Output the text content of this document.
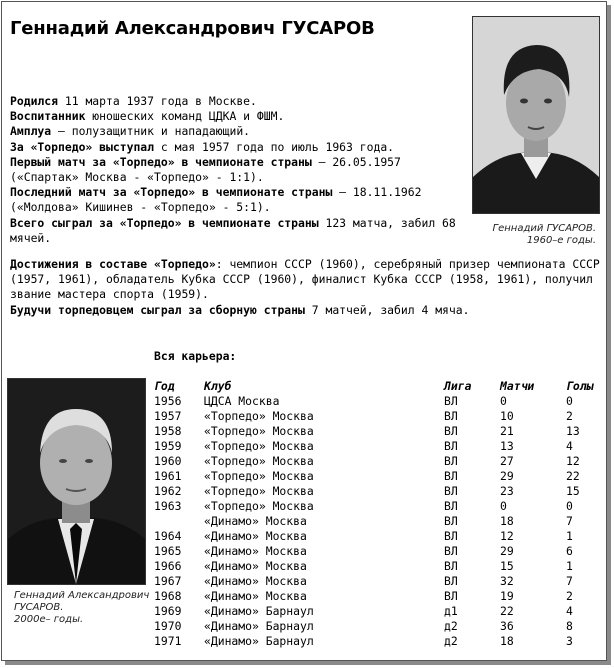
Геннадий Александрович ГУСАРОВ
Геннадий ГУСАРОВ.
1960–е годы.

Родился 11 марта 1937 года в Москве.

Воспитанник юношеских команд ЦДКА и ФШМ.

Амплуа – полузащитник и нападающий.

За «Торпедо» выступал с мая 1957 года по июль 1963 года.

Первый матч за «Торпедо» в чемпионате страны – 26.05.1957 («Спартак» Москва - «Торпедо» - 1:1).

Последний матч за «Торпедо» в чемпионате страны – 18.11.1962 («Молдова» Кишинев - «Торпедо» - 5:1).

Всего сыграл за «Торпедо» в чемпионате страны 123 матча, забил 68 мячей.

Достижения в составе «Торпедо»: чемпион СССР (1960), серебряный призер чемпионата СССР (1957, 1961), обладатель Кубка СССР (1960), финалист Кубка СССР (1958, 1961), получил звание мастера спорта (1959).

Будучи торпедовцем сыграл за сборную страны 7 матчей, забил 4 мяча.

Вся карьера:
Геннадий Александрович
ГУСАРОВ.
2000е– годы.
Год	Клуб	Лига	Матчи	Голы
1956	ЦДСА Москва	ВЛ	0	0
1957	«Торпедо» Москва	ВЛ	10	2
1958	«Торпедо» Москва	ВЛ	21	13
1959	«Торпедо» Москва	ВЛ	13	4
1960	«Торпедо» Москва	ВЛ	27	12
1961	«Торпедо» Москва	ВЛ	29	22
1962	«Торпедо» Москва	ВЛ	23	15
1963	«Торпедо» Москва	ВЛ	0	0
	«Динамо» Москва	ВЛ	18	7
1964	«Динамо» Москва	ВЛ	12	1
1965	«Динамо» Москва	ВЛ	29	6
1966	«Динамо» Москва	ВЛ	15	1
1967	«Динамо» Москва	ВЛ	32	7
1968	«Динамо» Москва	ВЛ	19	2
1969	«Динамо» Барнаул	д1	22	4
1970	«Динамо» Барнаул	д2	36	8
1971	«Динамо» Барнаул	д2	18	3
